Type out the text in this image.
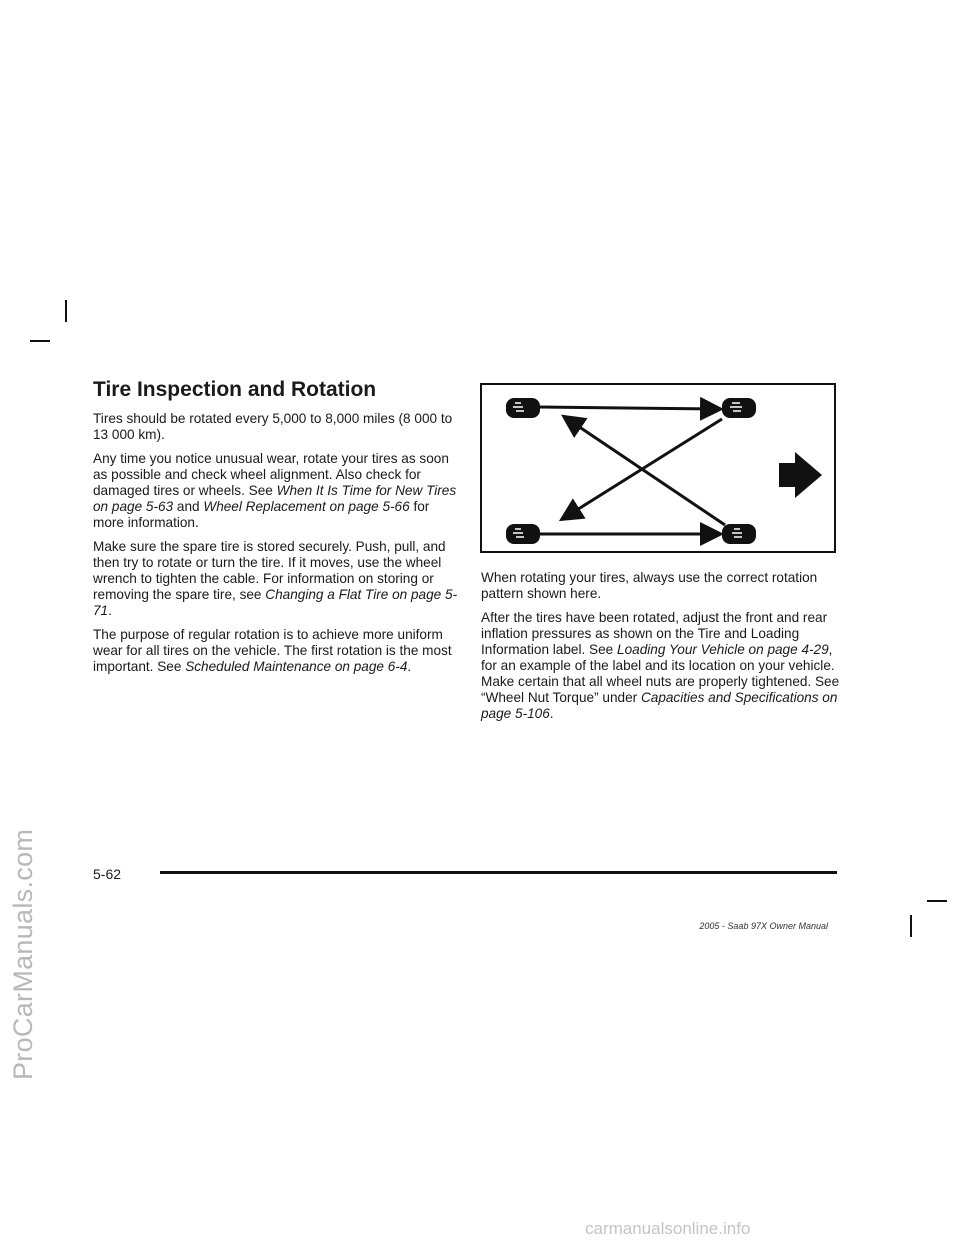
ProCarManuals.com
Tire Inspection and Rotation

Tires should be rotated every 5,000 to 8,000 miles (8 000 to 13 000 km).

Any time you notice unusual wear, rotate your tires as soon as possible and check wheel alignment. Also check for damaged tires or wheels. See When It Is Time for New Tires on page 5-63 and Wheel Replacement on page 5-66 for more information.

Make sure the spare tire is stored securely. Push, pull, and then try to rotate or turn the tire. If it moves, use the wheel wrench to tighten the cable. For information on storing or removing the spare tire, see Changing a Flat Tire on page 5-71.

The purpose of regular rotation is to achieve more uniform wear for all tires on the vehicle. The first rotation is the most important. See Scheduled Maintenance on page 6-4.

When rotating your tires, always use the correct rotation pattern shown here.

After the tires have been rotated, adjust the front and rear inflation pressures as shown on the Tire and Loading Information label. See Loading Your Vehicle on page 4-29, for an example of the label and its location on your vehicle. Make certain that all wheel nuts are properly tightened. See “Wheel Nut Torque” under Capacities and Specifications on page 5-106.

5-62
2005 - Saab 97X Owner Manual
carmanualsonline.info
